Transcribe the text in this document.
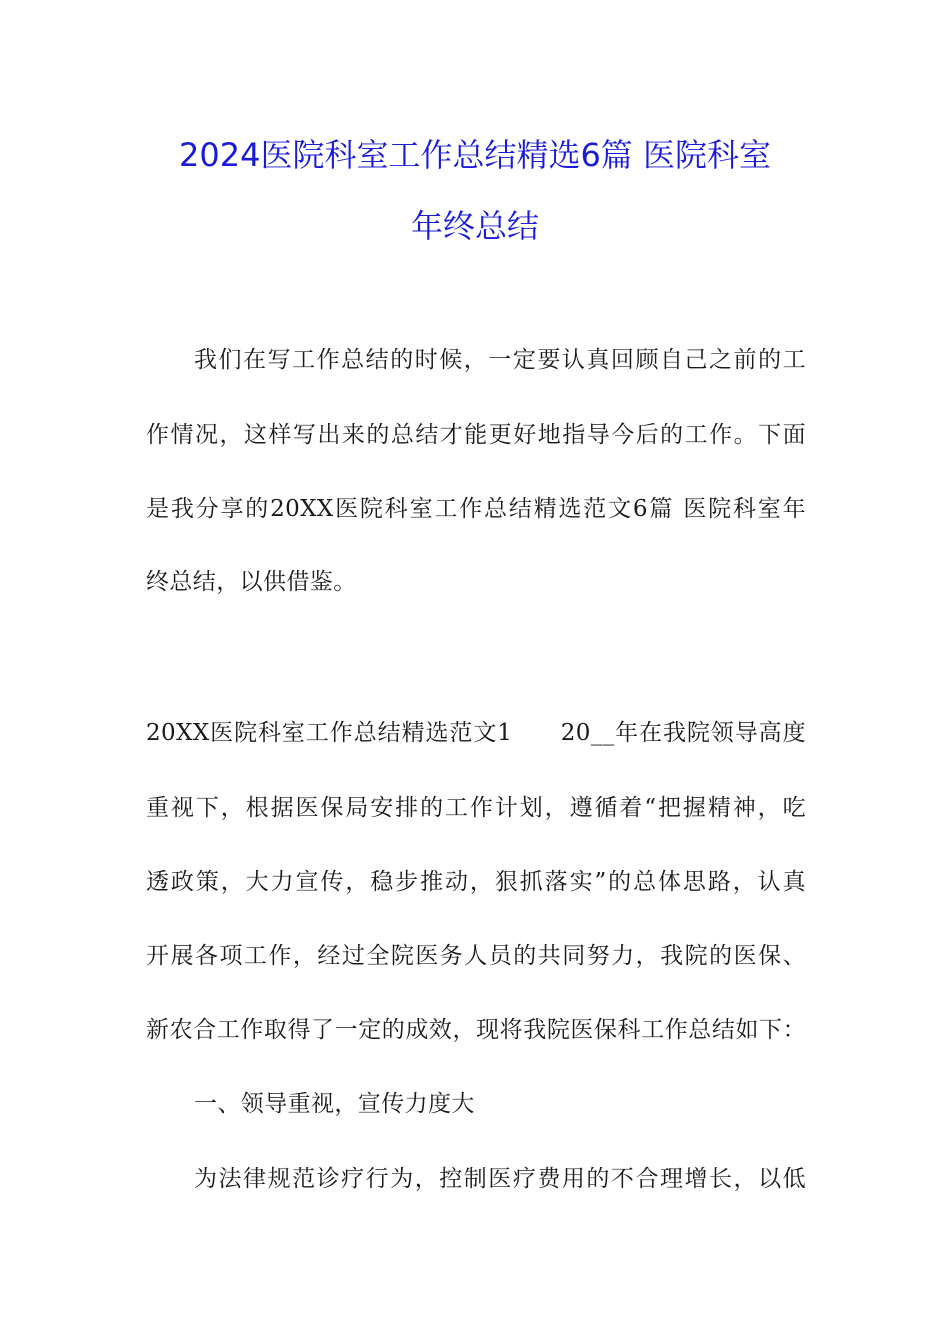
2024医院科室工作总结精选6篇 医院科室
年终总结
我们在写工作总结的时候，一定要认真回顾自己之前的工
作情况，这样写出来的总结才能更好地指导今后的工作。下面
是我分享的20XX医院科室工作总结精选范文6篇 医院科室年
终总结，以供借鉴。
20XX医院科室工作总结精选范文1　　20__年在我院领导高度
重视下，根据医保局安排的工作计划，遵循着“把握精神，吃
透政策，大力宣传，稳步推动，狠抓落实”的总体思路，认真
开展各项工作，经过全院医务人员的共同努力，我院的医保、
新农合工作取得了一定的成效，现将我院医保科工作总结如下：
一、领导重视，宣传力度大
为法律规范诊疗行为，控制医疗费用的不合理增长，以低
